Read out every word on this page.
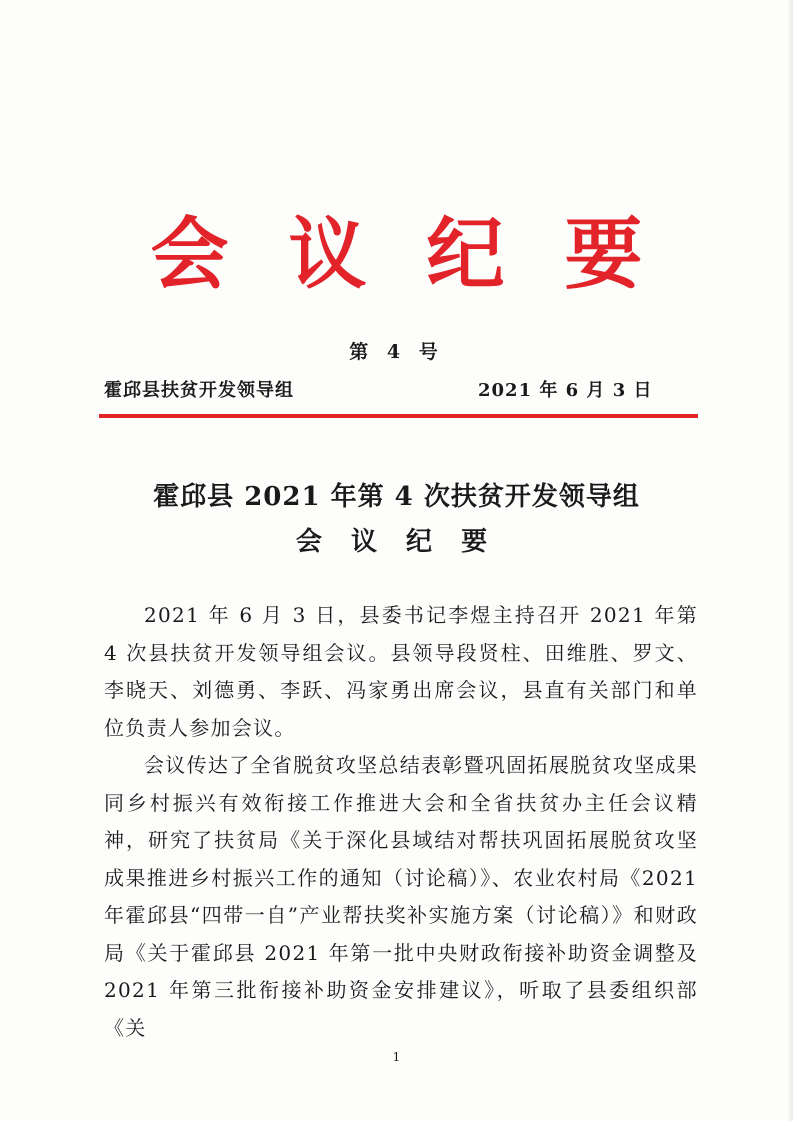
会 议 纪 要
第 4 号
霍邱县扶贫开发领导组	2021 年 6 月 3 日
霍邱县 2021 年第 4 次扶贫开发领导组
会 议 纪 要

2021 年 6 月 3 日，县委书记李煜主持召开 2021 年第 4 次县扶贫开发领导组会议。县领导段贤柱、田维胜、罗文、李晓天、刘德勇、李跃、冯家勇出席会议，县直有关部门和单位负责人参加会议。

会议传达了全省脱贫攻坚总结表彰暨巩固拓展脱贫攻坚成果同乡村振兴有效衔接工作推进大会和全省扶贫办主任会议精神，研究了扶贫局《关于深化县域结对帮扶巩固拓展脱贫攻坚成果推进乡村振兴工作的通知（讨论稿）》、农业农村局《2021 年霍邱县“四带一自”产业帮扶奖补实施方案（讨论稿）》和财政局《关于霍邱县 2021 年第一批中央财政衔接补助资金调整及 2021 年第三批衔接补助资金安排建议》，听取了县委组织部《关

1
